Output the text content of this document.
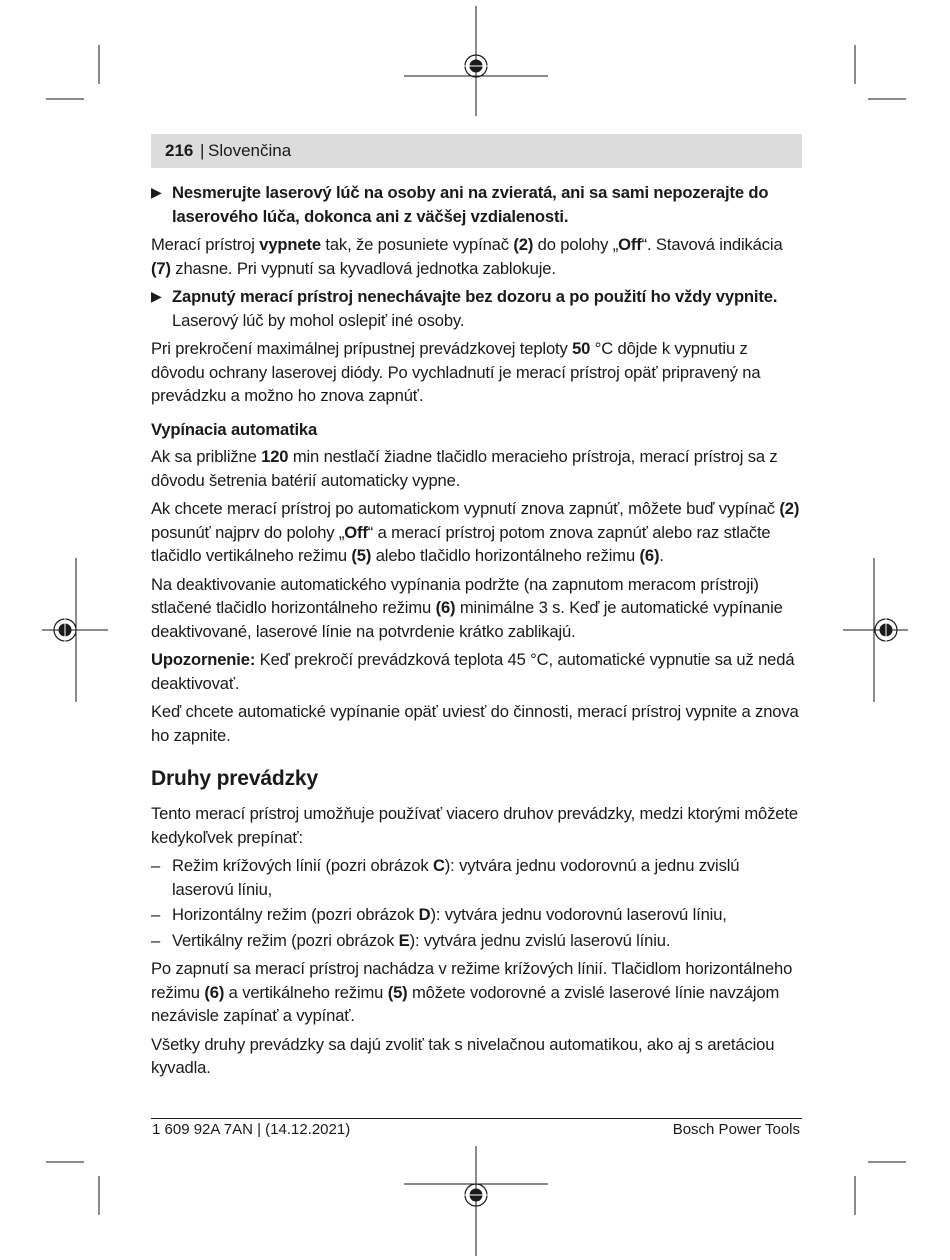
216 | Slovenčina
▶ Nesmerujte laserový lúč na osoby ani na zvieratá, ani sa sami nepozerajte do laserového lúča, dokonca ani z väčšej vzdialenosti.

Merací prístroj vypnete tak, že posuniete vypínač (2) do polohy „Off“. Stavová indikácia (7) zhasne. Pri vypnutí sa kyvadlová jednotka zablokuje.

▶ Zapnutý merací prístroj nenechávajte bez dozoru a po použití ho vždy vypnite. Laserový lúč by mohol oslepiť iné osoby.

Pri prekročení maximálnej prípustnej prevádzkovej teploty 50 °C dôjde k vypnutiu z dôvodu ochrany laserovej diódy. Po vychladnutí je merací prístroj opäť pripravený na prevádzku a možno ho znova zapnúť.

Vypínacia automatika

Ak sa približne 120 min nestlačí žiadne tlačidlo meracieho prístroja, merací prístroj sa z dôvodu šetrenia batérií automaticky vypne.

Ak chcete merací prístroj po automatickom vypnutí znova zapnúť, môžete buď vypínač (2) posunúť najprv do polohy „Off“ a merací prístroj potom znova zapnúť alebo raz stlačte tlačidlo vertikálneho režimu (5) alebo tlačidlo horizontálneho režimu (6).

Na deaktivovanie automatického vypínania podržte (na zapnutom meracom prístroji) stlačené tlačidlo horizontálneho režimu (6) minimálne 3 s. Keď je automatické vypínanie deaktivované, laserové línie na potvrdenie krátko zablikajú.

Upozornenie: Keď prekročí prevádzková teplota 45 °C, automatické vypnutie sa už nedá deaktivovať.

Keď chcete automatické vypínanie opäť uviesť do činnosti, merací prístroj vypnite a znova ho zapnite.

Druhy prevádzky

Tento merací prístroj umožňuje používať viacero druhov prevádzky, medzi ktorými môžete kedykoľvek prepínať:

– Režim krížových línií (pozri obrázok C): vytvára jednu vodorovnú a jednu zvislú laserovú líniu,
– Horizontálny režim (pozri obrázok D): vytvára jednu vodorovnú laserovú líniu,
– Vertikálny režim (pozri obrázok E): vytvára jednu zvislú laserovú líniu.

Po zapnutí sa merací prístroj nachádza v režime krížových línií. Tlačidlom horizontálneho režimu (6) a vertikálneho režimu (5) môžete vodorovné a zvislé laserové línie navzájom nezávisle zapínať a vypínať.

Všetky druhy prevádzky sa dajú zvoliť tak s nivelačnou automatikou, ako aj s aretáciou kyvadla.

1 609 92A 7AN | (14.12.2021)	Bosch Power Tools
